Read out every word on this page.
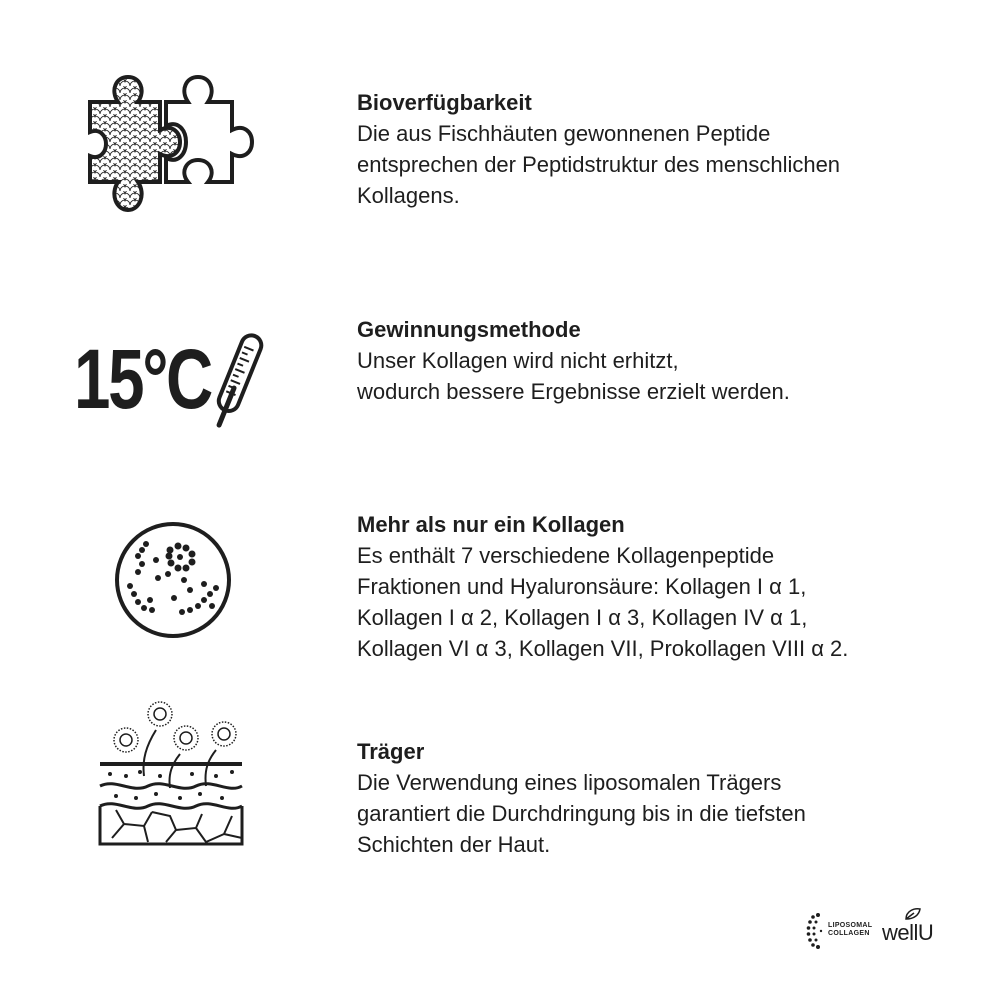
Bioverfügbarkeit
Die aus Fischhäuten gewonnenen Peptide
entsprechen der Peptidstruktur des menschlichen
Kollagens.
15°C
Gewinnungsmethode
Unser Kollagen wird nicht erhitzt,
wodurch bessere Ergebnisse erzielt werden.
Mehr als nur ein Kollagen
Es enthält 7 verschiedene Kollagenpeptide
Fraktionen und Hyaluronsäure: Kollagen I α 1,
Kollagen I α 2, Kollagen I α 3, Kollagen IV α 1,
Kollagen VI α 3, Kollagen VII, Prokollagen VIII α 2.
Träger
Die Verwendung eines liposomalen Trägers
garantiert die Durchdringung bis in die tiefsten
Schichten der Haut.
LIPOSOMAL
COLLAGEN wellU
